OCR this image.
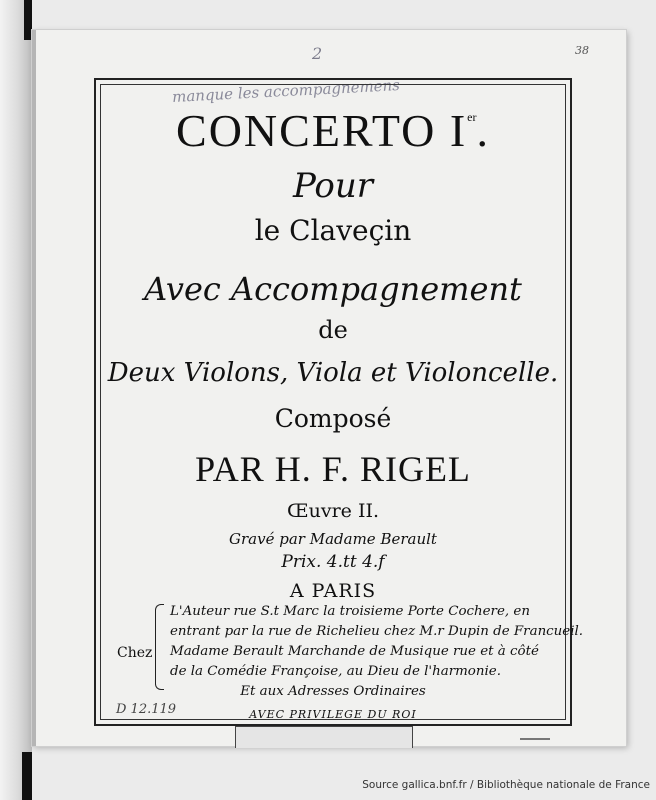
38
2
manque les accompagnemens
CONCERTO Ier.
Pour
le Claveçin
Avec Accompagnement
de
Deux Violons, Viola et Violoncelle.
Composé
PAR H. F. RIGEL
Œuvre II.
Gravé par Madame Berault
Prix. 4.tt 4.f
A PARIS
Chez
L'Auteur rue S.t Marc la troisieme Porte Cochere, en
entrant par la rue de Richelieu chez M.r Dupin de Francueil.
Madame Berault Marchande de Musique rue et à côté
de la Comédie Françoise, au Dieu de l'harmonie.
Et aux Adresses Ordinaires
D 12.119	AVEC PRIVILEGE DU ROI
Source gallica.bnf.fr / Bibliothèque nationale de France
